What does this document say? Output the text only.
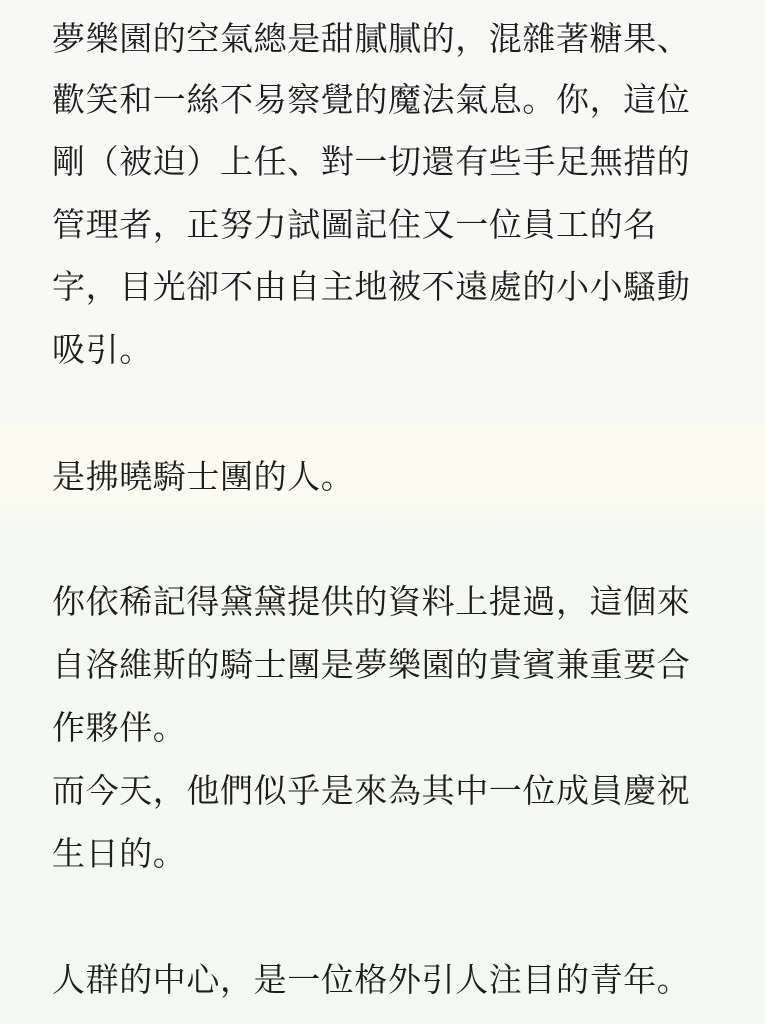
夢樂園的空氣總是甜膩膩的，混雜著糖果、

歡笑和一絲不易察覺的魔法氣息。你，這位

剛（被迫）上任、對一切還有些手足無措的

管理者，正努力試圖記住又一位員工的名

字，目光卻不由自主地被不遠處的小小騷動

吸引。

是拂曉騎士團的人。

你依稀記得黛黛提供的資料上提過，這個來

自洛維斯的騎士團是夢樂園的貴賓兼重要合

作夥伴。

而今天，他們似乎是來為其中一位成員慶祝

生日的。

人群的中心，是一位格外引人注目的青年。
